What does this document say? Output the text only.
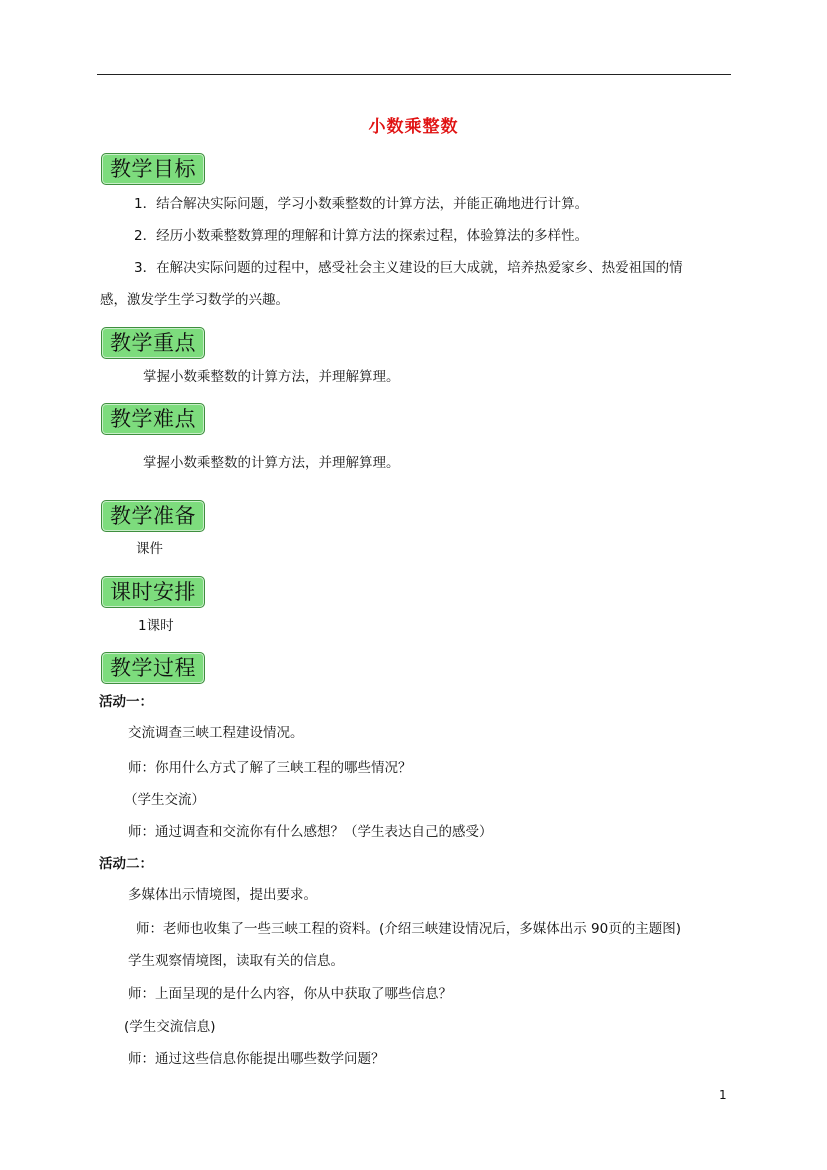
小数乘整数
教学目标
1．结合解决实际问题，学习小数乘整数的计算方法，并能正确地进行计算。
2．经历小数乘整数算理的理解和计算方法的探索过程，体验算法的多样性。
3．在解决实际问题的过程中，感受社会主义建设的巨大成就，培养热爱家乡、热爱祖国的情
感，激发学生学习数学的兴趣。
教学重点
掌握小数乘整数的计算方法，并理解算理。
教学难点
掌握小数乘整数的计算方法，并理解算理。
教学准备
课件
课时安排
1课时
教学过程
活动一：
交流调查三峡工程建设情况。
师：你用什么方式了解了三峡工程的哪些情况？
（学生交流）
师：通过调查和交流你有什么感想？（学生表达自己的感受）
活动二：
多媒体出示情境图，提出要求。
师：老师也收集了一些三峡工程的资料。(介绍三峡建设情况后，多媒体出示 90页的主题图)
学生观察情境图，读取有关的信息。
师：上面呈现的是什么内容，你从中获取了哪些信息？
(学生交流信息)
师：通过这些信息你能提出哪些数学问题？
1
